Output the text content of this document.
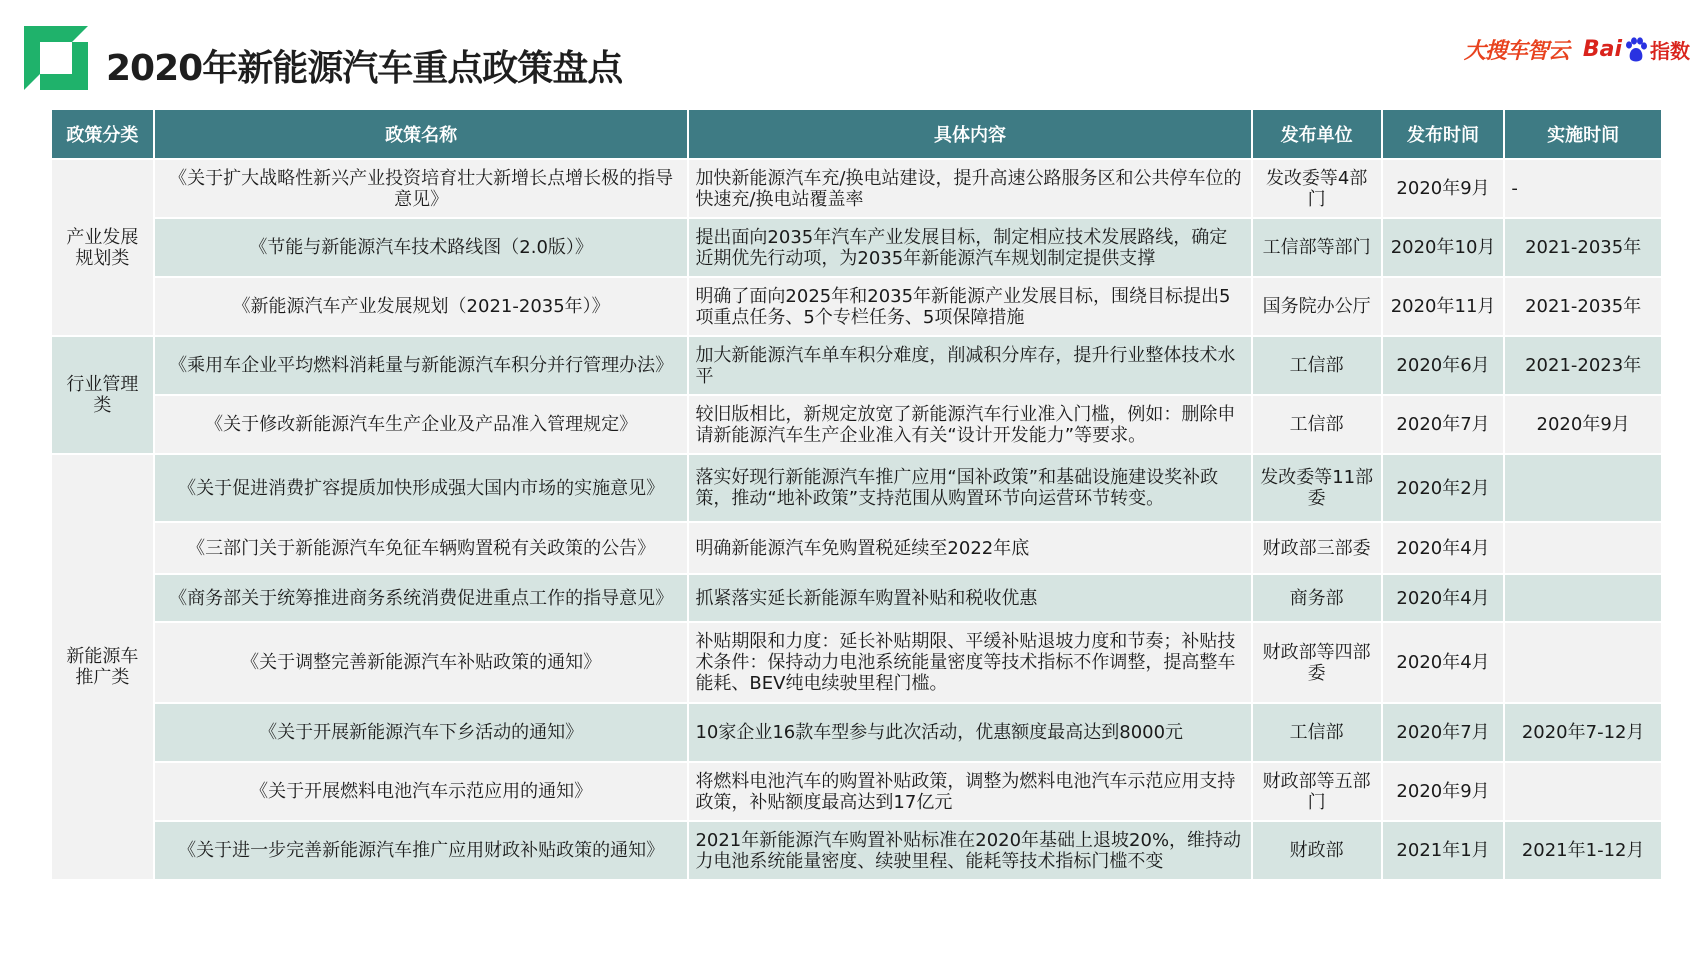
2020年新能源汽车重点政策盘点	大搜车智云 Bai 指数
政策分类	政策名称	具体内容	发布单位	发布时间	实施时间
产业发展规划类	《关于扩大战略性新兴产业投资培育壮大新增长点增长极的指导意见》	加快新能源汽车充/换电站建设，提升高速公路服务区和公共停车位的快速充/换电站覆盖率	发改委等4部门	2020年9月	-
	《节能与新能源汽车技术路线图（2.0版）》	提出面向2035年汽车产业发展目标，制定相应技术发展路线，确定近期优先行动项，为2035年新能源汽车规划制定提供支撑	工信部等部门	2020年10月	2021-2035年
	《新能源汽车产业发展规划（2021-2035年）》	明确了面向2025年和2035年新能源产业发展目标，围绕目标提出5项重点任务、5个专栏任务、5项保障措施	国务院办公厅	2020年11月	2021-2035年
行业管理类	《乘用车企业平均燃料消耗量与新能源汽车积分并行管理办法》	加大新能源汽车单车积分难度，削减积分库存，提升行业整体技术水平	工信部	2020年6月	2021-2023年
	《关于修改新能源汽车生产企业及产品准入管理规定》	较旧版相比，新规定放宽了新能源汽车行业准入门槛，例如：删除申请新能源汽车生产企业准入有关“设计开发能力”等要求。	工信部	2020年7月	2020年9月
新能源车推广类	《关于促进消费扩容提质加快形成强大国内市场的实施意见》	落实好现行新能源汽车推广应用“国补政策”和基础设施建设奖补政策，推动“地补政策”支持范围从购置环节向运营环节转变。	发改委等11部委	2020年2月	
	《三部门关于新能源汽车免征车辆购置税有关政策的公告》	明确新能源汽车免购置税延续至2022年底	财政部三部委	2020年4月	
	《商务部关于统筹推进商务系统消费促进重点工作的指导意见》	抓紧落实延长新能源车购置补贴和税收优惠	商务部	2020年4月	
	《关于调整完善新能源汽车补贴政策的通知》	补贴期限和力度：延长补贴期限、平缓补贴退坡力度和节奏；补贴技术条件：保持动力电池系统能量密度等技术指标不作调整，提高整车能耗、BEV纯电续驶里程门槛。	财政部等四部委	2020年4月	
	《关于开展新能源汽车下乡活动的通知》	10家企业16款车型参与此次活动，优惠额度最高达到8000元	工信部	2020年7月	2020年7-12月
	《关于开展燃料电池汽车示范应用的通知》	将燃料电池汽车的购置补贴政策，调整为燃料电池汽车示范应用支持政策，补贴额度最高达到17亿元	财政部等五部门	2020年9月	
	《关于进一步完善新能源汽车推广应用财政补贴政策的通知》	2021年新能源汽车购置补贴标准在2020年基础上退坡20%，维持动力电池系统能量密度、续驶里程、能耗等技术指标门槛不变	财政部	2021年1月	2021年1-12月
